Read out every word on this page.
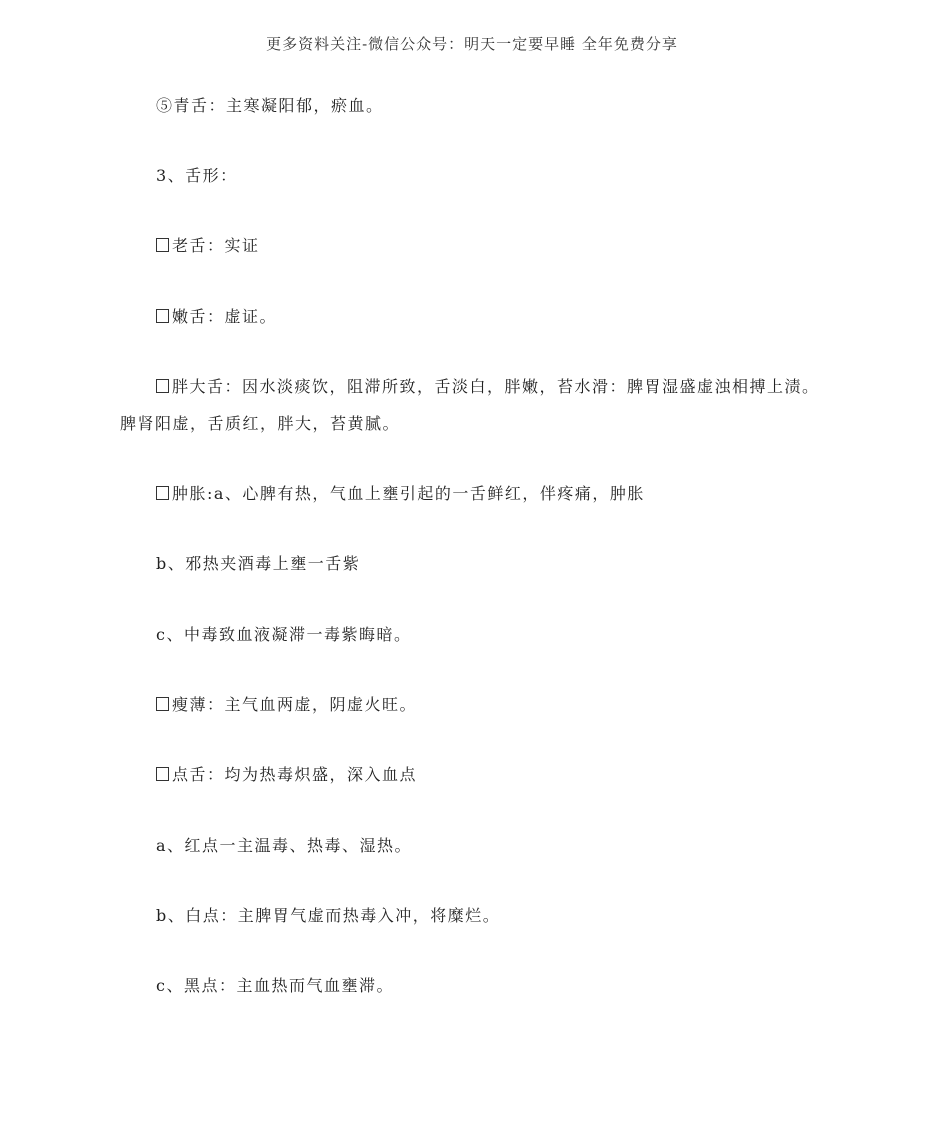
更多资料关注-微信公众号：明天一定要早睡 全年免费分享
⑤青舌：主寒凝阳郁，瘀血。
3、舌形：
老舌：实证
嫩舌：虚证。
胖大舌：因水淡痰饮，阻滞所致，舌淡白，胖嫩，苔水滑：脾胃湿盛虚浊相搏上渍。
脾肾阳虚，舌质红，胖大，苔黄腻。
肿胀:a、心脾有热，气血上壅引起的一舌鲜红，伴疼痛，肿胀
b、邪热夹酒毒上壅一舌紫
c、中毒致血液凝滞一毒紫晦暗。
瘦薄：主气血两虚，阴虚火旺。
点舌：均为热毒炽盛，深入血点
a、红点一主温毒、热毒、湿热。
b、白点：主脾胃气虚而热毒入冲，将糜烂。
c、黑点：主血热而气血壅滞。
